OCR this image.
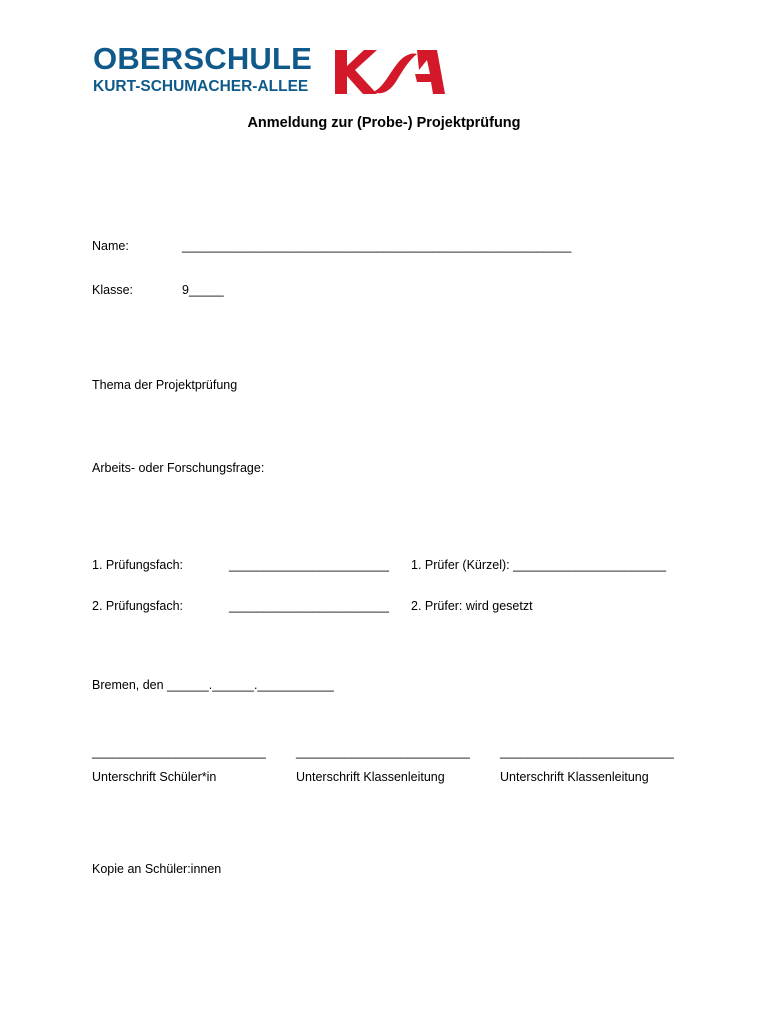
OBERSCHULE
KURT-SCHUMACHER-ALLEE
Anmeldung zur (Probe-) Projektprüfung
Name:	________________________________________________________
Klasse:	9_____
Thema der Projektprüfung
Arbeits- oder Forschungsfrage:
1. Prüfungsfach:	_______________________ 1. Prüfer (Kürzel): ______________________
2. Prüfungsfach:	_______________________ 2. Prüfer: wird gesetzt
Bremen, den ______.______.___________
_________________________ _________________________ _________________________
Unterschrift Schüler*in	Unterschrift Klassenleitung	Unterschrift Klassenleitung
Kopie an Schüler:innen
